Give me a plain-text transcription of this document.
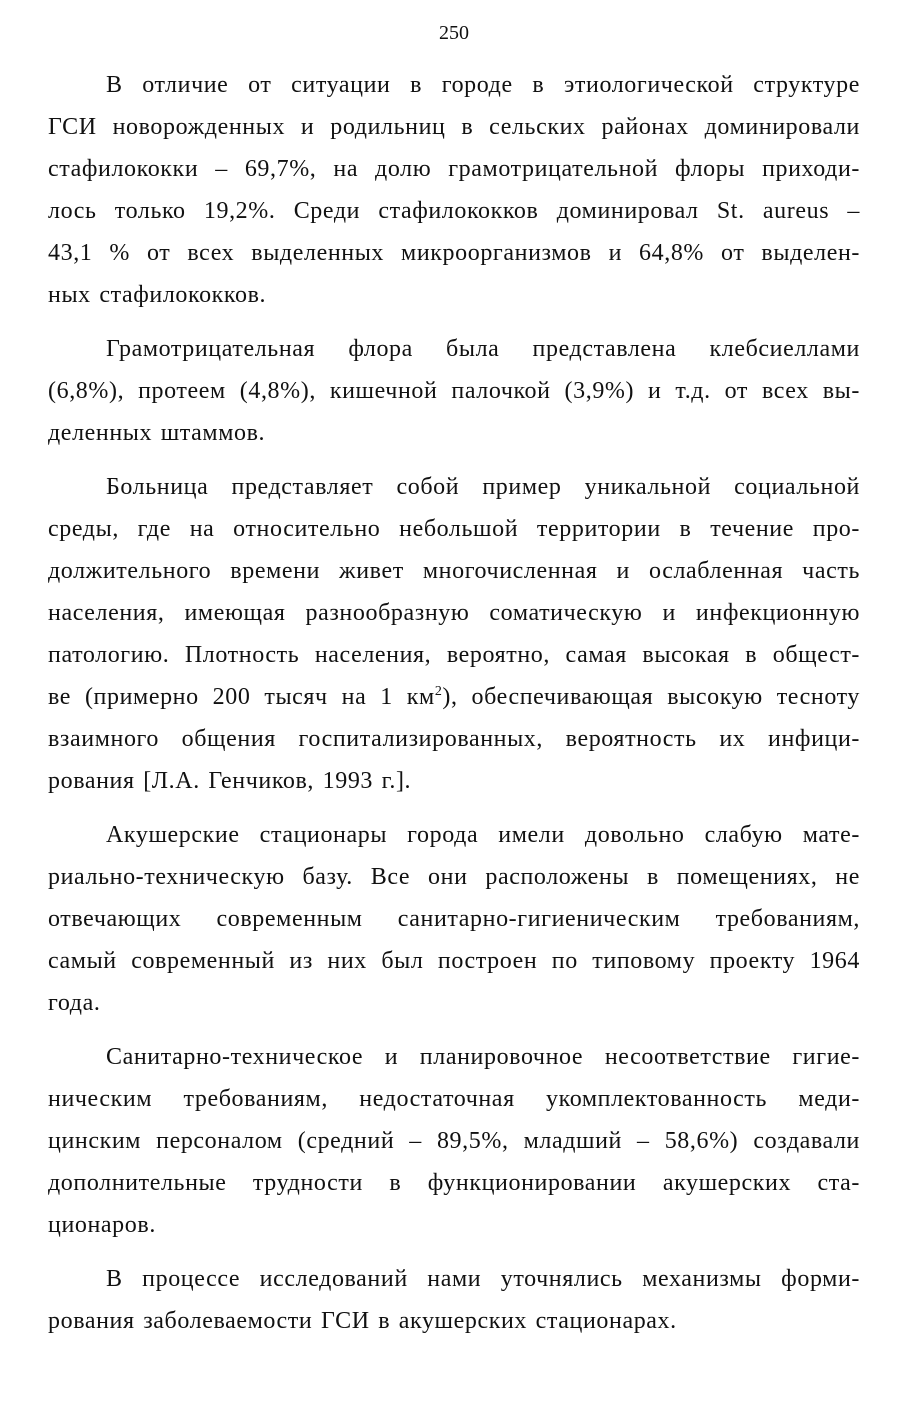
250
В отличие от ситуации в городе в этиологической структуре
ГСИ новорожденных и родильниц в сельских районах доминировали
стафилококки – 69,7%, на долю грамотрицательной флоры приходи-
лось только 19,2%. Среди стафилококков доминировал St. aureus –
43,1 % от всех выделенных микроорганизмов и 64,8% от выделен-
ных стафилококков.
Грамотрицательная флора была представлена клебсиеллами
(6,8%), протеем (4,8%), кишечной палочкой (3,9%) и т.д. от всех вы-
деленных штаммов.
Больница представляет собой пример уникальной социальной
среды, где на относительно небольшой территории в течение про-
должительного времени живет многочисленная и ослабленная часть
населения, имеющая разнообразную соматическую и инфекционную
патологию. Плотность населения, вероятно, самая высокая в общест-
ве (примерно 200 тысяч на 1 $км^2$), обеспечивающая высокую тесноту
взаимного общения госпитализированных, вероятность их инфици-
рования [Л.А. Генчиков, 1993 г.].
Акушерские стационары города имели довольно слабую мате-
риально-техническую базу. Все они расположены в помещениях, не
отвечающих современным санитарно-гигиеническим требованиям,
самый современный из них был построен по типовому проекту 1964
года.
Санитарно-техническое и планировочное несоответствие гигие-
ническим требованиям, недостаточная укомплектованность меди-
цинским персоналом (средний – 89,5%, младший – 58,6%) создавали
дополнительные трудности в функционировании акушерских ста-
ционаров.
В процессе исследований нами уточнялись механизмы форми-
рования заболеваемости ГСИ в акушерских стационарах.
